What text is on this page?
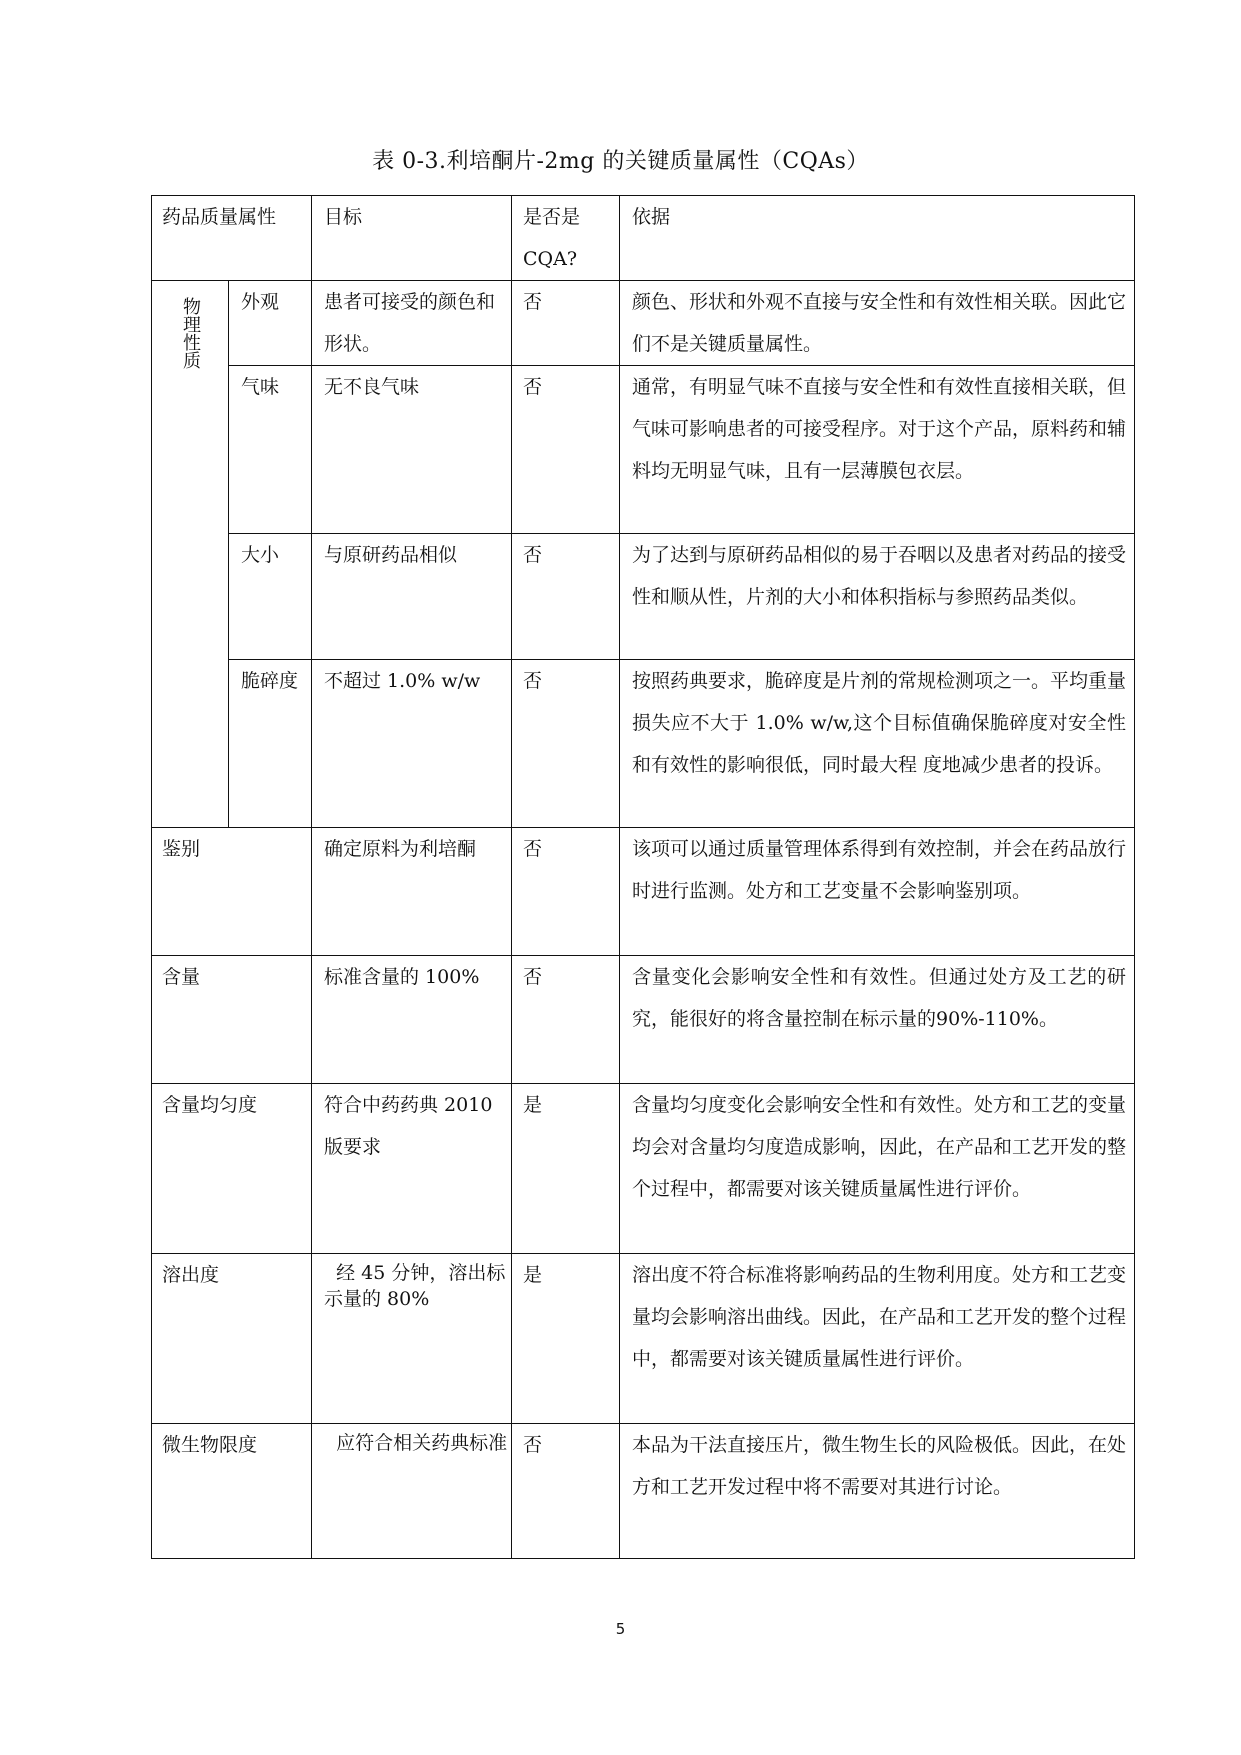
表 0-3.利培酮片-2mg 的关键质量属性（CQAs）
药品质量属性		目标	是否是CQA?	依据

物理性质	外观	患者可接受的颜色和形状。	否	颜色、形状和外观不直接与安全性和有效性相关联。因此它们不是关键质量属性。
	气味	无不良气味	否	通常，有明显气味不直接与安全性和有效性直接相关联，但气味可影响患者的可接受程序。对于这个产品，原料药和辅料均无明显气味，且有一层薄膜包衣层。
	大小	与原研药品相似	否	为了达到与原研药品相似的易于吞咽以及患者对药品的接受性和顺从性，片剂的大小和体积指标与参照药品类似。
	脆碎度	不超过 1.0% w/w	否	按照药典要求，脆碎度是片剂的常规检测项之一。平均重量损失应不大于 1.0% w/w,这个目标值确保脆碎度对安全性和有效性的影响很低，同时最大程 度地减少患者的投诉。
鉴别		确定原料为利培酮	否	该项可以通过质量管理体系得到有效控制，并会在药品放行时进行监测。处方和工艺变量不会影响鉴别项。
含量		标准含量的 100%	否	含量变化会影响安全性和有效性。但通过处方及工艺的研究，能很好的将含量控制在标示量的90%-110%。
含量均匀度		符合中药药典 2010 版要求	是	含量均匀度变化会影响安全性和有效性。处方和工艺的变量均会对含量均匀度造成影响，因此，在产品和工艺开发的整个过程中，都需要对该关键质量属性进行评价。
溶出度		经 45 分钟，溶出标示量的 80%	是	溶出度不符合标准将影响药品的生物利用度。处方和工艺变量均会影响溶出曲线。因此，在产品和工艺开发的整个过程中，都需要对该关键质量属性进行评价。
微生物限度		应符合相关药典标准	否	本品为干法直接压片，微生物生长的风险极低。因此，在处方和工艺开发过程中将不需要对其进行讨论。
5
